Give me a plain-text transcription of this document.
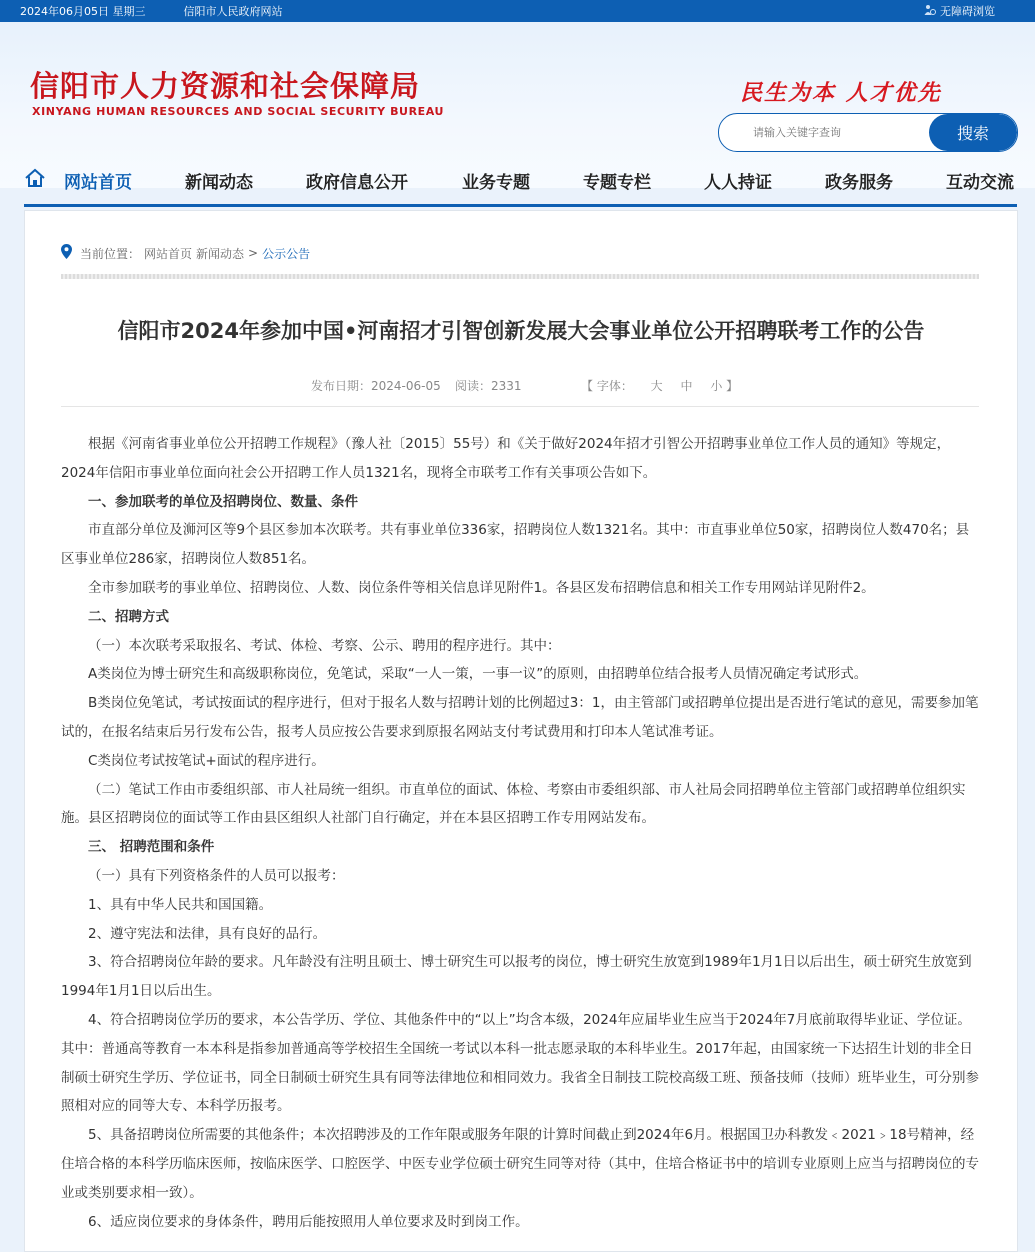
2024年06月05日 星期三	信阳市人民政府网站	无障碍浏览
信阳市人力资源和社会保障局
XINYANG HUMAN RESOURCES AND SOCIAL SECURITY BUREAU
民生为本 人才优先
请输入关键字查询
搜索
网站首页	新闻动态	政府信息公开	业务专题	专题专栏	人人持证	政务服务	互动交流
当前位置： 网站首页 新闻动态 > 公示公告
信阳市2024年参加中国•河南招才引智创新发展大会事业单位公开招聘联考工作的公告
发布日期：2024-06-05 阅读：2331	【 字体： 大 中 小 】

根据《河南省事业单位公开招聘工作规程》（豫人社〔2015〕55号）和《关于做好2024年招才引智公开招聘事业单位工作人员的通知》等规定，2024年信阳市事业单位面向社会公开招聘工作人员1321名，现将全市联考工作有关事项公告如下。

一、参加联考的单位及招聘岗位、数量、条件

市直部分单位及浉河区等9个县区参加本次联考。共有事业单位336家，招聘岗位人数1321名。其中：市直事业单位50家，招聘岗位人数470名；县区事业单位286家，招聘岗位人数851名。

全市参加联考的事业单位、招聘岗位、人数、岗位条件等相关信息详见附件1。各县区发布招聘信息和相关工作专用网站详见附件2。

二、招聘方式

（一）本次联考采取报名、考试、体检、考察、公示、聘用的程序进行。其中：

A类岗位为博士研究生和高级职称岗位，免笔试，采取“一人一策，一事一议”的原则，由招聘单位结合报考人员情况确定考试形式。

B类岗位免笔试，考试按面试的程序进行，但对于报名人数与招聘计划的比例超过3：1，由主管部门或招聘单位提出是否进行笔试的意见，需要参加笔试的，在报名结束后另行发布公告，报考人员应按公告要求到原报名网站支付考试费用和打印本人笔试准考证。

C类岗位考试按笔试+面试的程序进行。

（二）笔试工作由市委组织部、市人社局统一组织。市直单位的面试、体检、考察由市委组织部、市人社局会同招聘单位主管部门或招聘单位组织实施。县区招聘岗位的面试等工作由县区组织人社部门自行确定，并在本县区招聘工作专用网站发布。

三、 招聘范围和条件

（一）具有下列资格条件的人员可以报考：

1、具有中华人民共和国国籍。

2、遵守宪法和法律，具有良好的品行。

3、符合招聘岗位年龄的要求。凡年龄没有注明且硕士、博士研究生可以报考的岗位，博士研究生放宽到1989年1月1日以后出生，硕士研究生放宽到1994年1月1日以后出生。

4、符合招聘岗位学历的要求，本公告学历、学位、其他条件中的“以上”均含本级，2024年应届毕业生应当于2024年7月底前取得毕业证、学位证。其中：普通高等教育一本本科是指参加普通高等学校招生全国统一考试以本科一批志愿录取的本科毕业生。2017年起，由国家统一下达招生计划的非全日制硕士研究生学历、学位证书，同全日制硕士研究生具有同等法律地位和相同效力。我省全日制技工院校高级工班、预备技师（技师）班毕业生，可分别参照相对应的同等大专、本科学历报考。

5、具备招聘岗位所需要的其他条件；本次招聘涉及的工作年限或服务年限的计算时间截止到2024年6月。根据国卫办科教发﹤2021﹥18号精神，经住培合格的本科学历临床医师，按临床医学、口腔医学、中医专业学位硕士研究生同等对待（其中，住培合格证书中的培训专业原则上应当与招聘岗位的专业或类别要求相一致）。

6、适应岗位要求的身体条件，聘用后能按照用人单位要求及时到岗工作。
